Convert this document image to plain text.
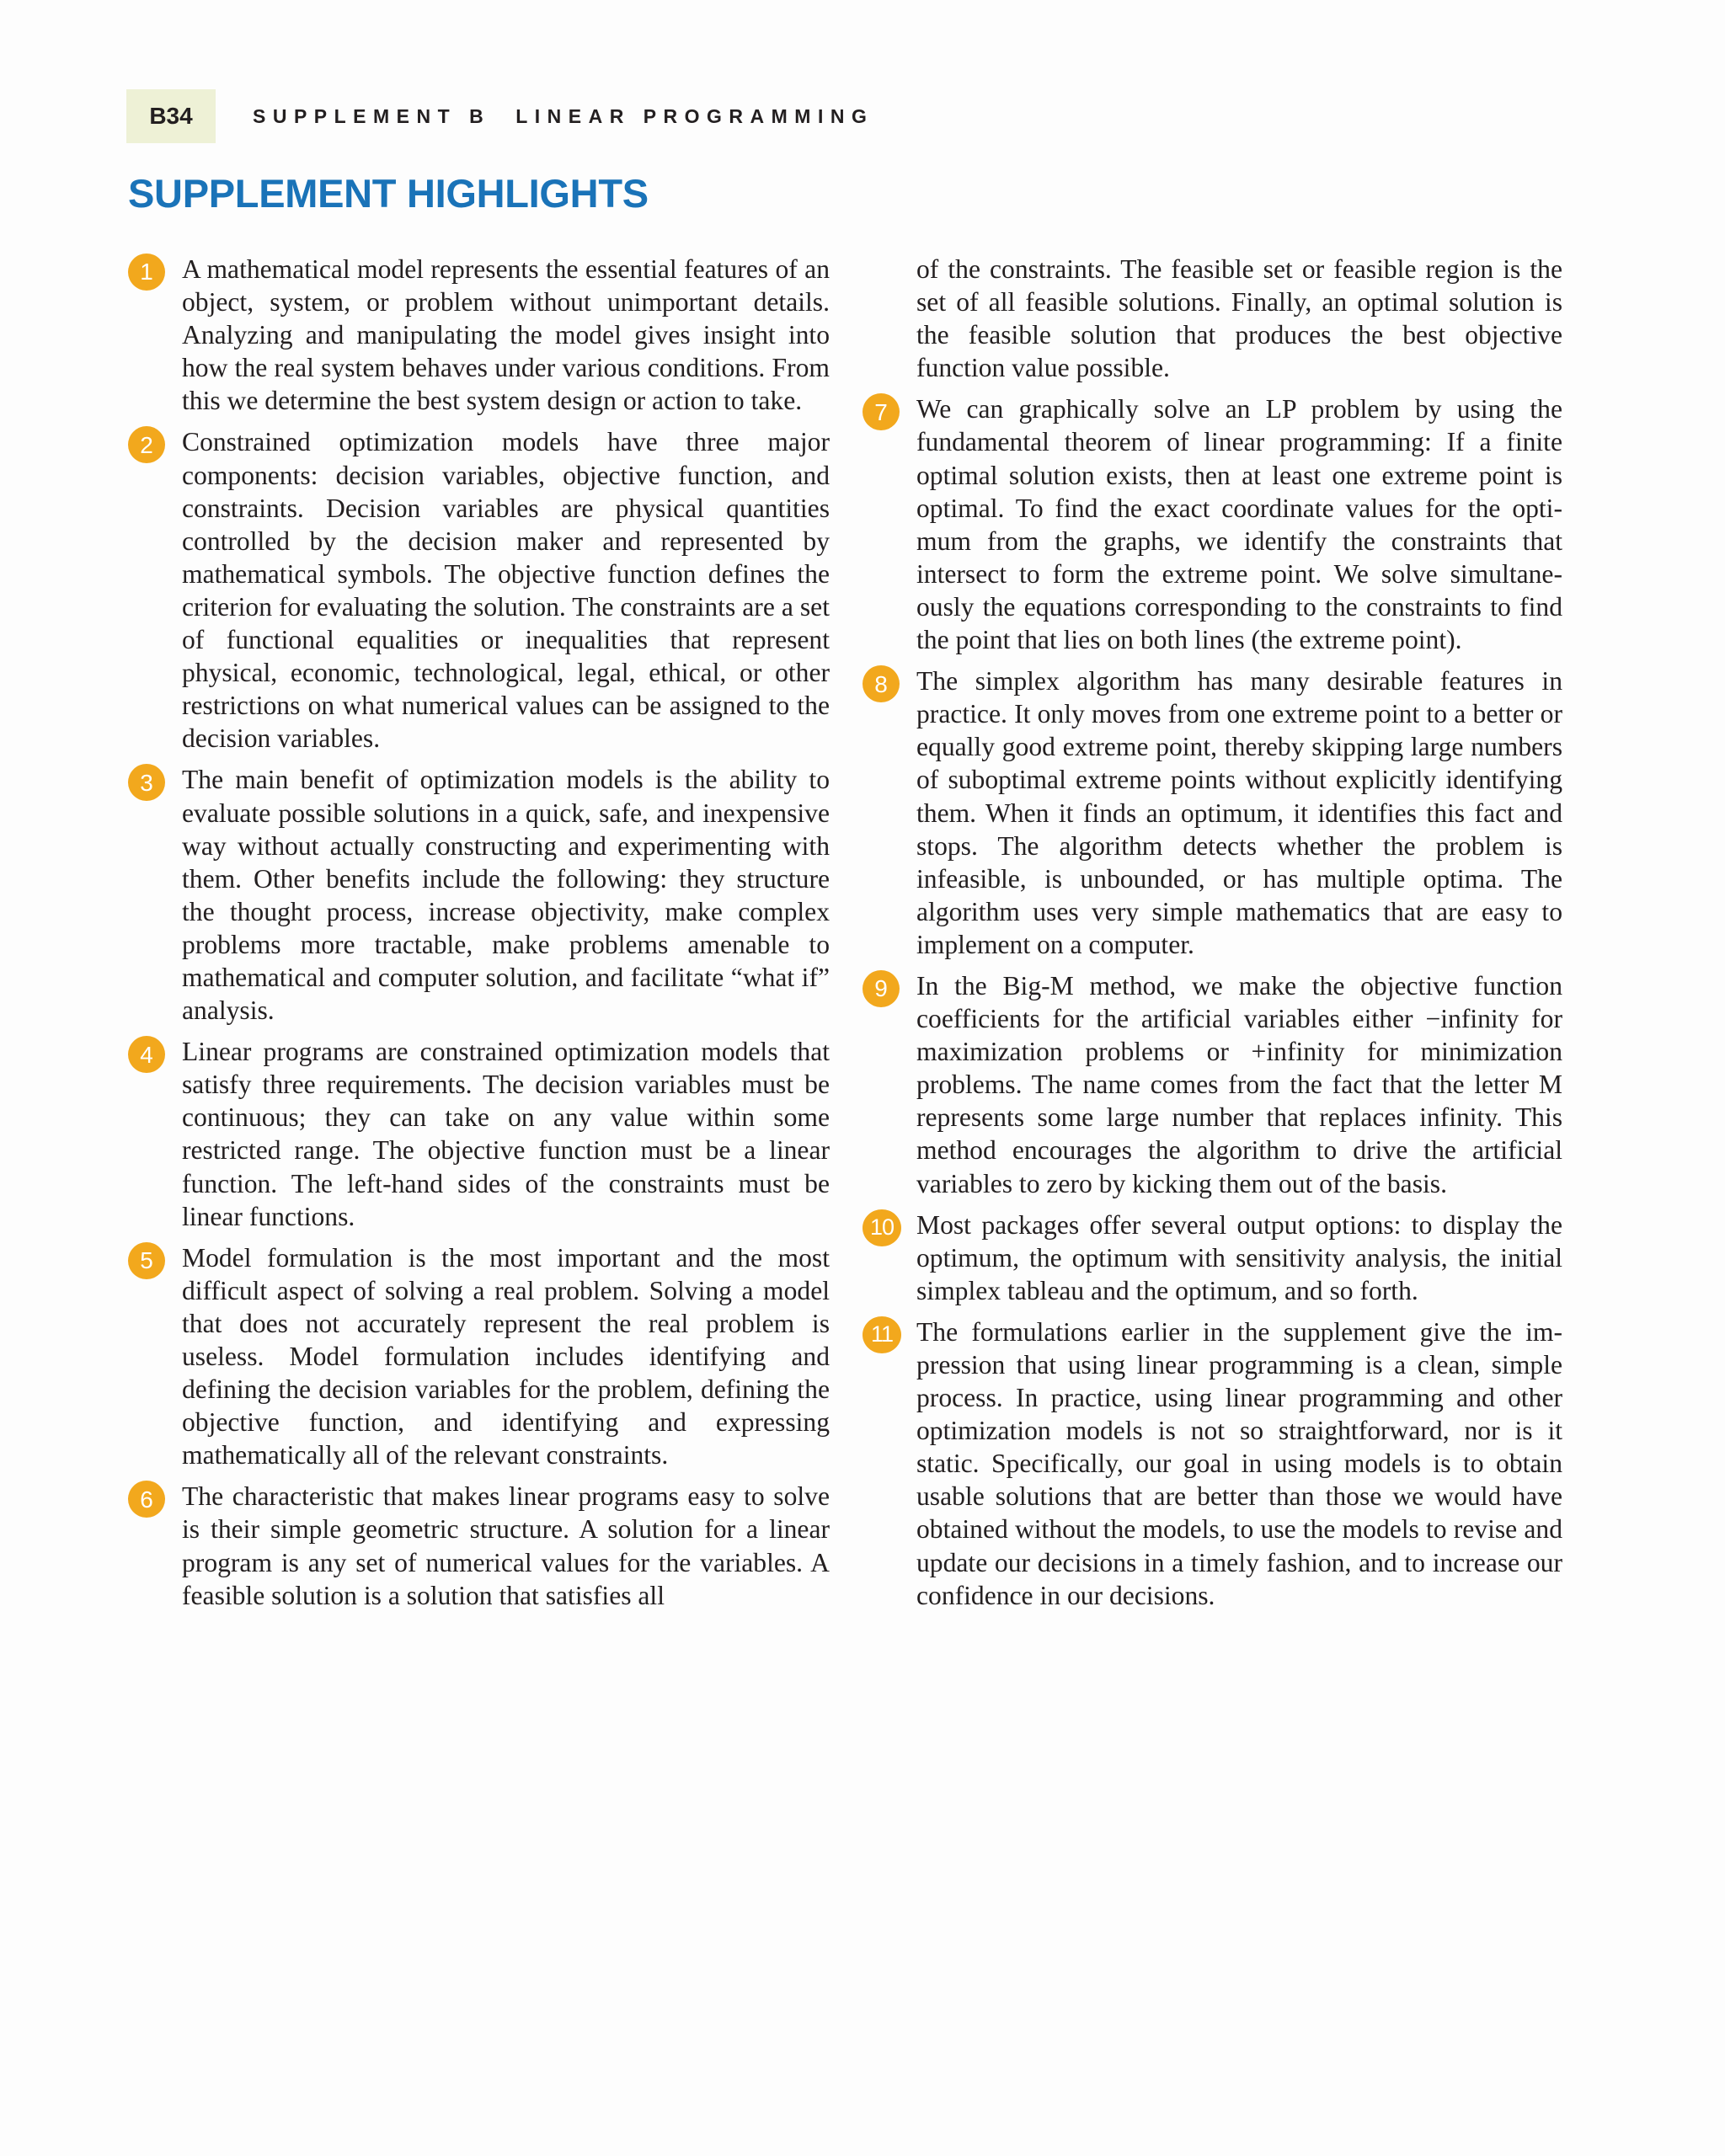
B34	SUPPLEMENT B LINEAR PROGRAMMING
SUPPLEMENT HIGHLIGHTS
1	A mathematical model represents the essential features of an object, system, or problem without unimportant details. Analyzing and manipulating the model gives insight into how the real system behaves under various conditions. From this we determine the best system design or action to take.
2	Constrained optimization models have three major components: decision variables, objective function, and constraints. Decision variables are physical quantities controlled by the decision maker and represented by mathematical symbols. The objective function defines the criterion for evaluating the solution. The constraints are a set of functional equalities or inequalities that represent physical, economic, technological, legal, ethical, or other restrictions on what numerical values can be assigned to the decision variables.
3	The main benefit of optimization models is the ability to evaluate possible solutions in a quick, safe, and inexpensive way without actually constructing and experimenting with them. Other benefits include the following: they structure the thought process, increase objectivity, make complex problems more tractable, make problems amenable to mathematical and computer solution, and facilitate “what if” analysis.
4	Linear programs are constrained optimization models that satisfy three requirements. The decision variables must be continuous; they can take on any value within some restricted range. The objective function must be a linear function. The left-hand sides of the constraints must be linear functions.
5	Model formulation is the most important and the most difficult aspect of solving a real problem. Solving a model that does not accurately represent the real problem is useless. Model formulation includes identifying and defining the decision variables for the problem, defining the objective function, and identifying and expressing mathematically all of the relevant constraints.
6	The characteristic that makes linear programs easy to solve is their simple geometric structure. A solution for a linear program is any set of numerical values for the variables. A feasible solution is a solution that satisfies all
of the constraints. The feasible set or feasible region is the set of all feasible solutions. Finally, an optimal solution is the feasible solution that produces the best objective function value possible.
7	We can graphically solve an LP problem by using the fundamental theorem of linear programming: If a finite optimal solution exists, then at least one extreme point is optimal. To find the exact coordinate values for the optimum from the graphs, we identify the constraints that intersect to form the extreme point. We solve simultaneously the equations corresponding to the constraints to find the point that lies on both lines (the extreme point).
8	The simplex algorithm has many desirable features in practice. It only moves from one extreme point to a better or equally good extreme point, thereby skipping large numbers of suboptimal extreme points without explicitly identifying them. When it finds an optimum, it identifies this fact and stops. The algorithm detects whether the problem is infeasible, is unbounded, or has multiple optima. The algorithm uses very simple mathematics that are easy to implement on a computer.
9	In the Big-M method, we make the objective function coefficients for the artificial variables either −infinity for maximization problems or +infinity for minimization problems. The name comes from the fact that the letter M represents some large number that replaces infinity. This method encourages the algorithm to drive the artificial variables to zero by kicking them out of the basis.
10 Most packages offer several output options: to display the optimum, the optimum with sensitivity analysis, the initial simplex tableau and the optimum, and so forth.
11 The formulations earlier in the supplement give the impression that using linear programming is a clean, simple process. In practice, using linear programming and other optimization models is not so straightforward, nor is it static. Specifically, our goal in using models is to obtain usable solutions that are better than those we would have obtained without the models, to use the models to revise and update our decisions in a timely fashion, and to increase our confidence in our decisions.
